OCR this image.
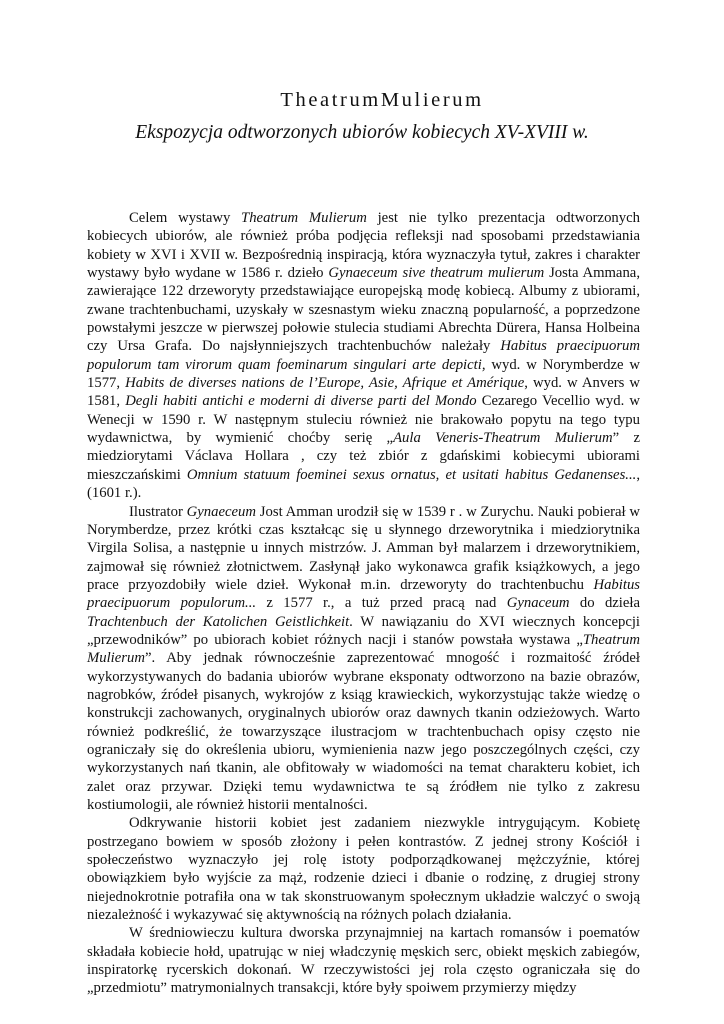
TheatrumMulierum
Ekspozycja odtworzonych ubiorów kobiecych XV-XVIII w.

Celem wystawy Theatrum Mulierum jest nie tylko prezentacja odtworzonych kobiecych ubiorów, ale również próba podjęcia refleksji nad sposobami przedstawiania kobiety w XVI i XVII w. Bezpośrednią inspiracją, która wyznaczyła tytuł, zakres i charakter wystawy było wydane w 1586 r. dzieło Gynaeceum sive theatrum mulierum Josta Ammana, zawierające 122 drzeworyty przedstawiające europejską modę kobiecą. Albumy z ubiorami, zwane trachtenbuchami, uzyskały w szesnastym wieku znaczną popularność, a poprzedzone powstałymi jeszcze w pierwszej połowie stulecia studiami Abrechta Dürera, Hansa Holbeina czy Ursa Grafa. Do najsłynniejszych trachtenbuchów należały Habitus praecipuorum populorum tam virorum quam foeminarum singulari arte depicti, wyd. w Norymberdze w 1577, Habits de diverses nations de l’Europe, Asie, Afrique et Amérique, wyd. w Anvers w 1581, Degli habiti antichi e moderni di diverse parti del Mondo Cezarego Vecellio wyd. w Wenecji w 1590 r. W następnym stuleciu również nie brakowało popytu na tego typu wydawnictwa, by wymienić choćby serię „Aula Veneris-Theatrum Mulierum” z miedziorytami Václava Hollara , czy też zbiór z gdańskimi kobiecymi ubiorami mieszczańskimi Omnium statuum foeminei sexus ornatus, et usitati habitus Gedanenses..., (1601 r.).

Ilustrator Gynaeceum Jost Amman urodził się w 1539 r . w Zurychu. Nauki pobierał w Norymberdze, przez krótki czas kształcąc się u słynnego drzeworytnika i miedziorytnika Virgila Solisa, a następnie u innych mistrzów. J. Amman był malarzem i drzeworytnikiem, zajmował się również złotnictwem. Zasłynął jako wykonawca grafik książkowych, a jego prace przyozdobiły wiele dzieł. Wykonał m.in. drzeworyty do trachtenbuchu Habitus praecipuorum populorum... z 1577 r., a tuż przed pracą nad Gynaceum do dzieła Trachtenbuch der Katolichen Geistlichkeit. W nawiązaniu do XVI wiecznych koncepcji „przewodników” po ubiorach kobiet różnych nacji i stanów powstała wystawa „Theatrum Mulierum”. Aby jednak równocześnie zaprezentować mnogość i rozmaitość źródeł wykorzystywanych do badania ubiorów wybrane eksponaty odtworzono na bazie obrazów, nagrobków, źródeł pisanych, wykrojów z ksiąg krawieckich, wykorzystując także wiedzę o konstrukcji zachowanych, oryginalnych ubiorów oraz dawnych tkanin odzieżowych. Warto również podkreślić, że towarzyszące ilustracjom w trachtenbuchach opisy często nie ograniczały się do określenia ubioru, wymienienia nazw jego poszczególnych części, czy wykorzystanych nań tkanin, ale obfitowały w wiadomości na temat charakteru kobiet, ich zalet oraz przywar. Dzięki temu wydawnictwa te są źródłem nie tylko z zakresu kostiumologii, ale również historii mentalności.

Odkrywanie historii kobiet jest zadaniem niezwykle intrygującym. Kobietę postrzegano bowiem w sposób złożony i pełen kontrastów. Z jednej strony Kościół i społeczeństwo wyznaczyło jej rolę istoty podporządkowanej mężczyźnie, której obowiązkiem było wyjście za mąż, rodzenie dzieci i dbanie o rodzinę, z drugiej strony niejednokrotnie potrafiła ona w tak skonstruowanym społecznym układzie walczyć o swoją niezależność i wykazywać się aktywnością na różnych polach działania.

W średniowieczu kultura dworska przynajmniej na kartach romansów i poematów składała kobiecie hołd, upatrując w niej władczynię męskich serc, obiekt męskich zabiegów, inspiratorkę rycerskich dokonań. W rzeczywistości jej rola często ograniczała się do „przedmiotu” matrymonialnych transakcji, które były spoiwem przymierzy między
